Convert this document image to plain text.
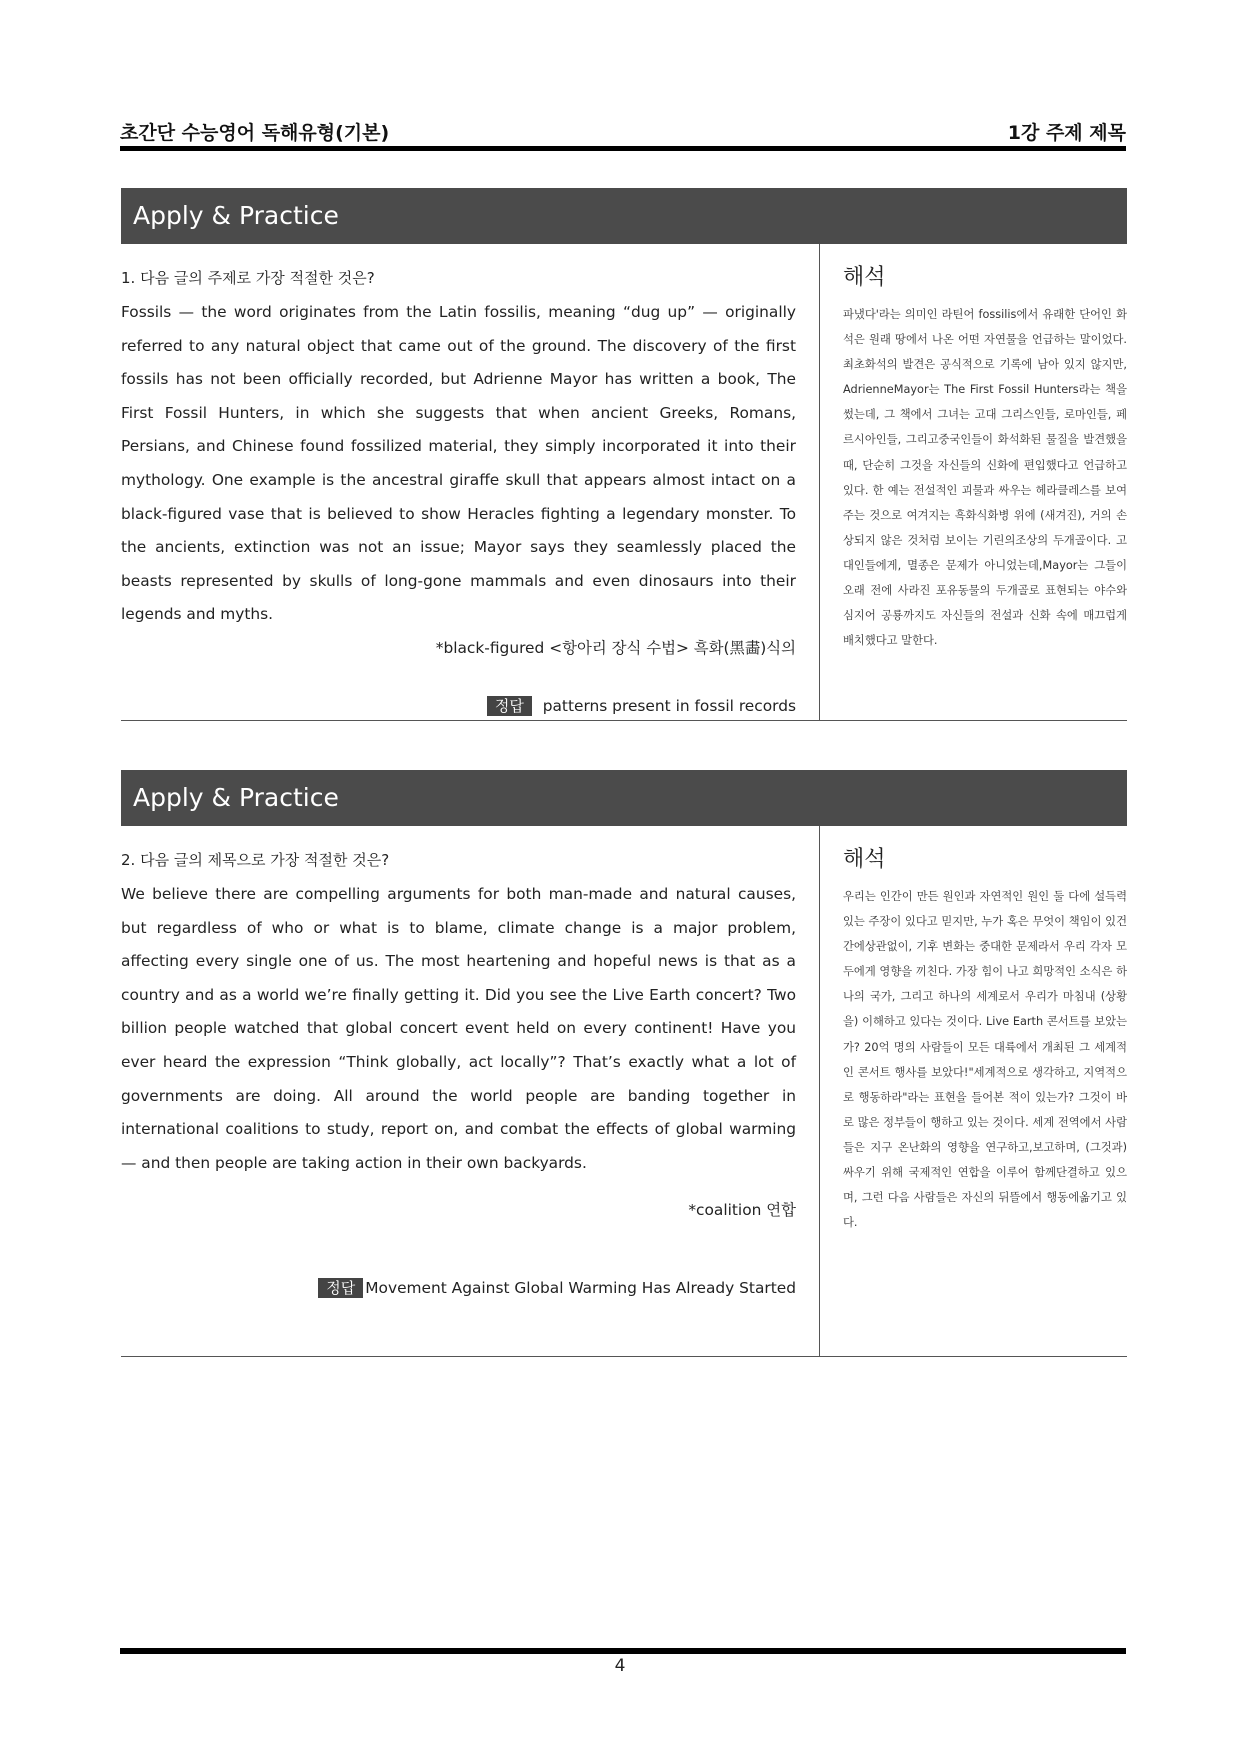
초간단 수능영어 독해유형(기본)	1강 주제 제목
Apply & Practice
1. 다음 글의 주제로 가장 적절한 것은?
Fossils — the word originates from the Latin fossilis, meaning “dug up” — originally referred to any natural object that came out of the ground. The discovery of the first fossils has not been officially recorded, but Adrienne Mayor has written a book, The First Fossil Hunters, in which she suggests that when ancient Greeks, Romans, Persians, and Chinese found fossilized material, they simply incorporated it into their mythology. One example is the ancestral giraffe skull that appears almost intact on a black-figured vase that is believed to show Heracles fighting a legendary monster. To the ancients, extinction was not an issue; Mayor says they seamlessly placed the beasts represented by skulls of long-gone mammals and even dinosaurs into their legends and myths.
*black-figured <항아리 장식 수법> 흑화(黑畵)식의
정답 patterns present in fossil records
해석
파냈다'라는 의미인 라틴어 fossilis에서 유래한 단어인 화석은 원래 땅에서 나온 어떤 자연물을 언급하는 말이었다. 최초화석의 발견은 공식적으로 기록에 남아 있지 않지만, AdrienneMayor는 The First Fossil Hunters라는 책을 썼는데, 그 책에서 그녀는 고대 그리스인들, 로마인들, 페르시아인들, 그리고중국인들이 화석화된 물질을 발견했을 때, 단순히 그것을 자신들의 신화에 편입했다고 언급하고 있다. 한 예는 전설적인 괴물과 싸우는 헤라클레스를 보여주는 것으로 여겨지는 흑화식화병 위에 (새겨진), 거의 손상되지 않은 것처럼 보이는 기린의조상의 두개골이다. 고대인들에게, 멸종은 문제가 아니었는데,Mayor는 그들이 오래 전에 사라진 포유동물의 두개골로 표현되는 야수와 심지어 공룡까지도 자신들의 전설과 신화 속에 매끄럽게 배치했다고 말한다.
Apply & Practice
2. 다음 글의 제목으로 가장 적절한 것은?
We believe there are compelling arguments for both man-made and natural causes, but regardless of who or what is to blame, climate change is a major problem, affecting every single one of us. The most heartening and hopeful news is that as a country and as a world we’re finally getting it. Did you see the Live Earth concert? Two billion people watched that global concert event held on every continent! Have you ever heard the expression “Think globally, act locally”? That’s exactly what a lot of governments are doing. All around the world people are banding together in international coalitions to study, report on, and combat the effects of global warming — and then people are taking action in their own backyards.
*coalition 연합
정답 Movement Against Global Warming Has Already Started
해석
우리는 인간이 만든 원인과 자연적인 원인 둘 다에 설득력 있는 주장이 있다고 믿지만, 누가 혹은 무엇이 책임이 있건 간에상관없이, 기후 변화는 중대한 문제라서 우리 각자 모두에게 영향을 끼친다. 가장 힘이 나고 희망적인 소식은 하나의 국가, 그리고 하나의 세계로서 우리가 마침내 (상황을) 이해하고 있다는 것이다. Live Earth 콘서트를 보았는가? 20억 명의 사람들이 모든 대륙에서 개최된 그 세계적인 콘서트 행사를 보았다!"세계적으로 생각하고, 지역적으로 행동하라"라는 표현을 들어본 적이 있는가? 그것이 바로 많은 정부들이 행하고 있는 것이다. 세계 전역에서 사람들은 지구 온난화의 영향을 연구하고,보고하며, (그것과) 싸우기 위해 국제적인 연합을 이루어 함께단결하고 있으며, 그런 다음 사람들은 자신의 뒤뜰에서 행동에옮기고 있다.
4
